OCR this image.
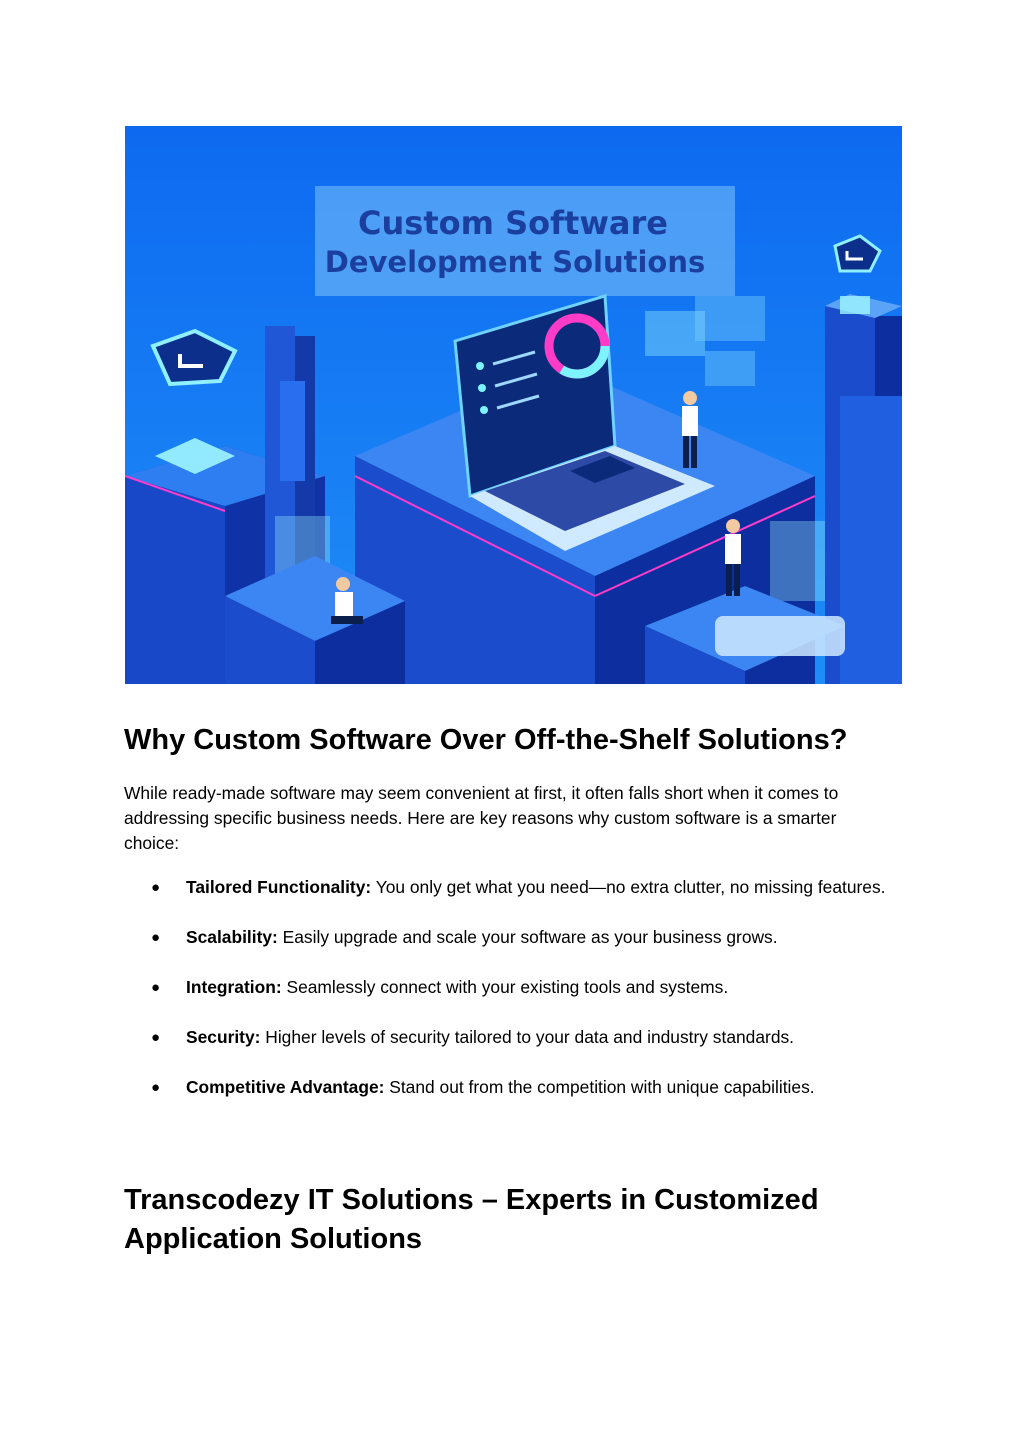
Custom Software
Development Solutions
Why Custom Software Over Off-the-Shelf Solutions?

While ready-made software may seem convenient at first, it often falls short when it comes to addressing specific business needs. Here are key reasons why custom software is a smarter choice:

● Tailored Functionality: You only get what you need—no extra clutter, no missing features.
● Scalability: Easily upgrade and scale your software as your business grows.
● Integration: Seamlessly connect with your existing tools and systems.
● Security: Higher levels of security tailored to your data and industry standards.
● Competitive Advantage: Stand out from the competition with unique capabilities.
Transcodezy IT Solutions – Experts in Customized Application Solutions
